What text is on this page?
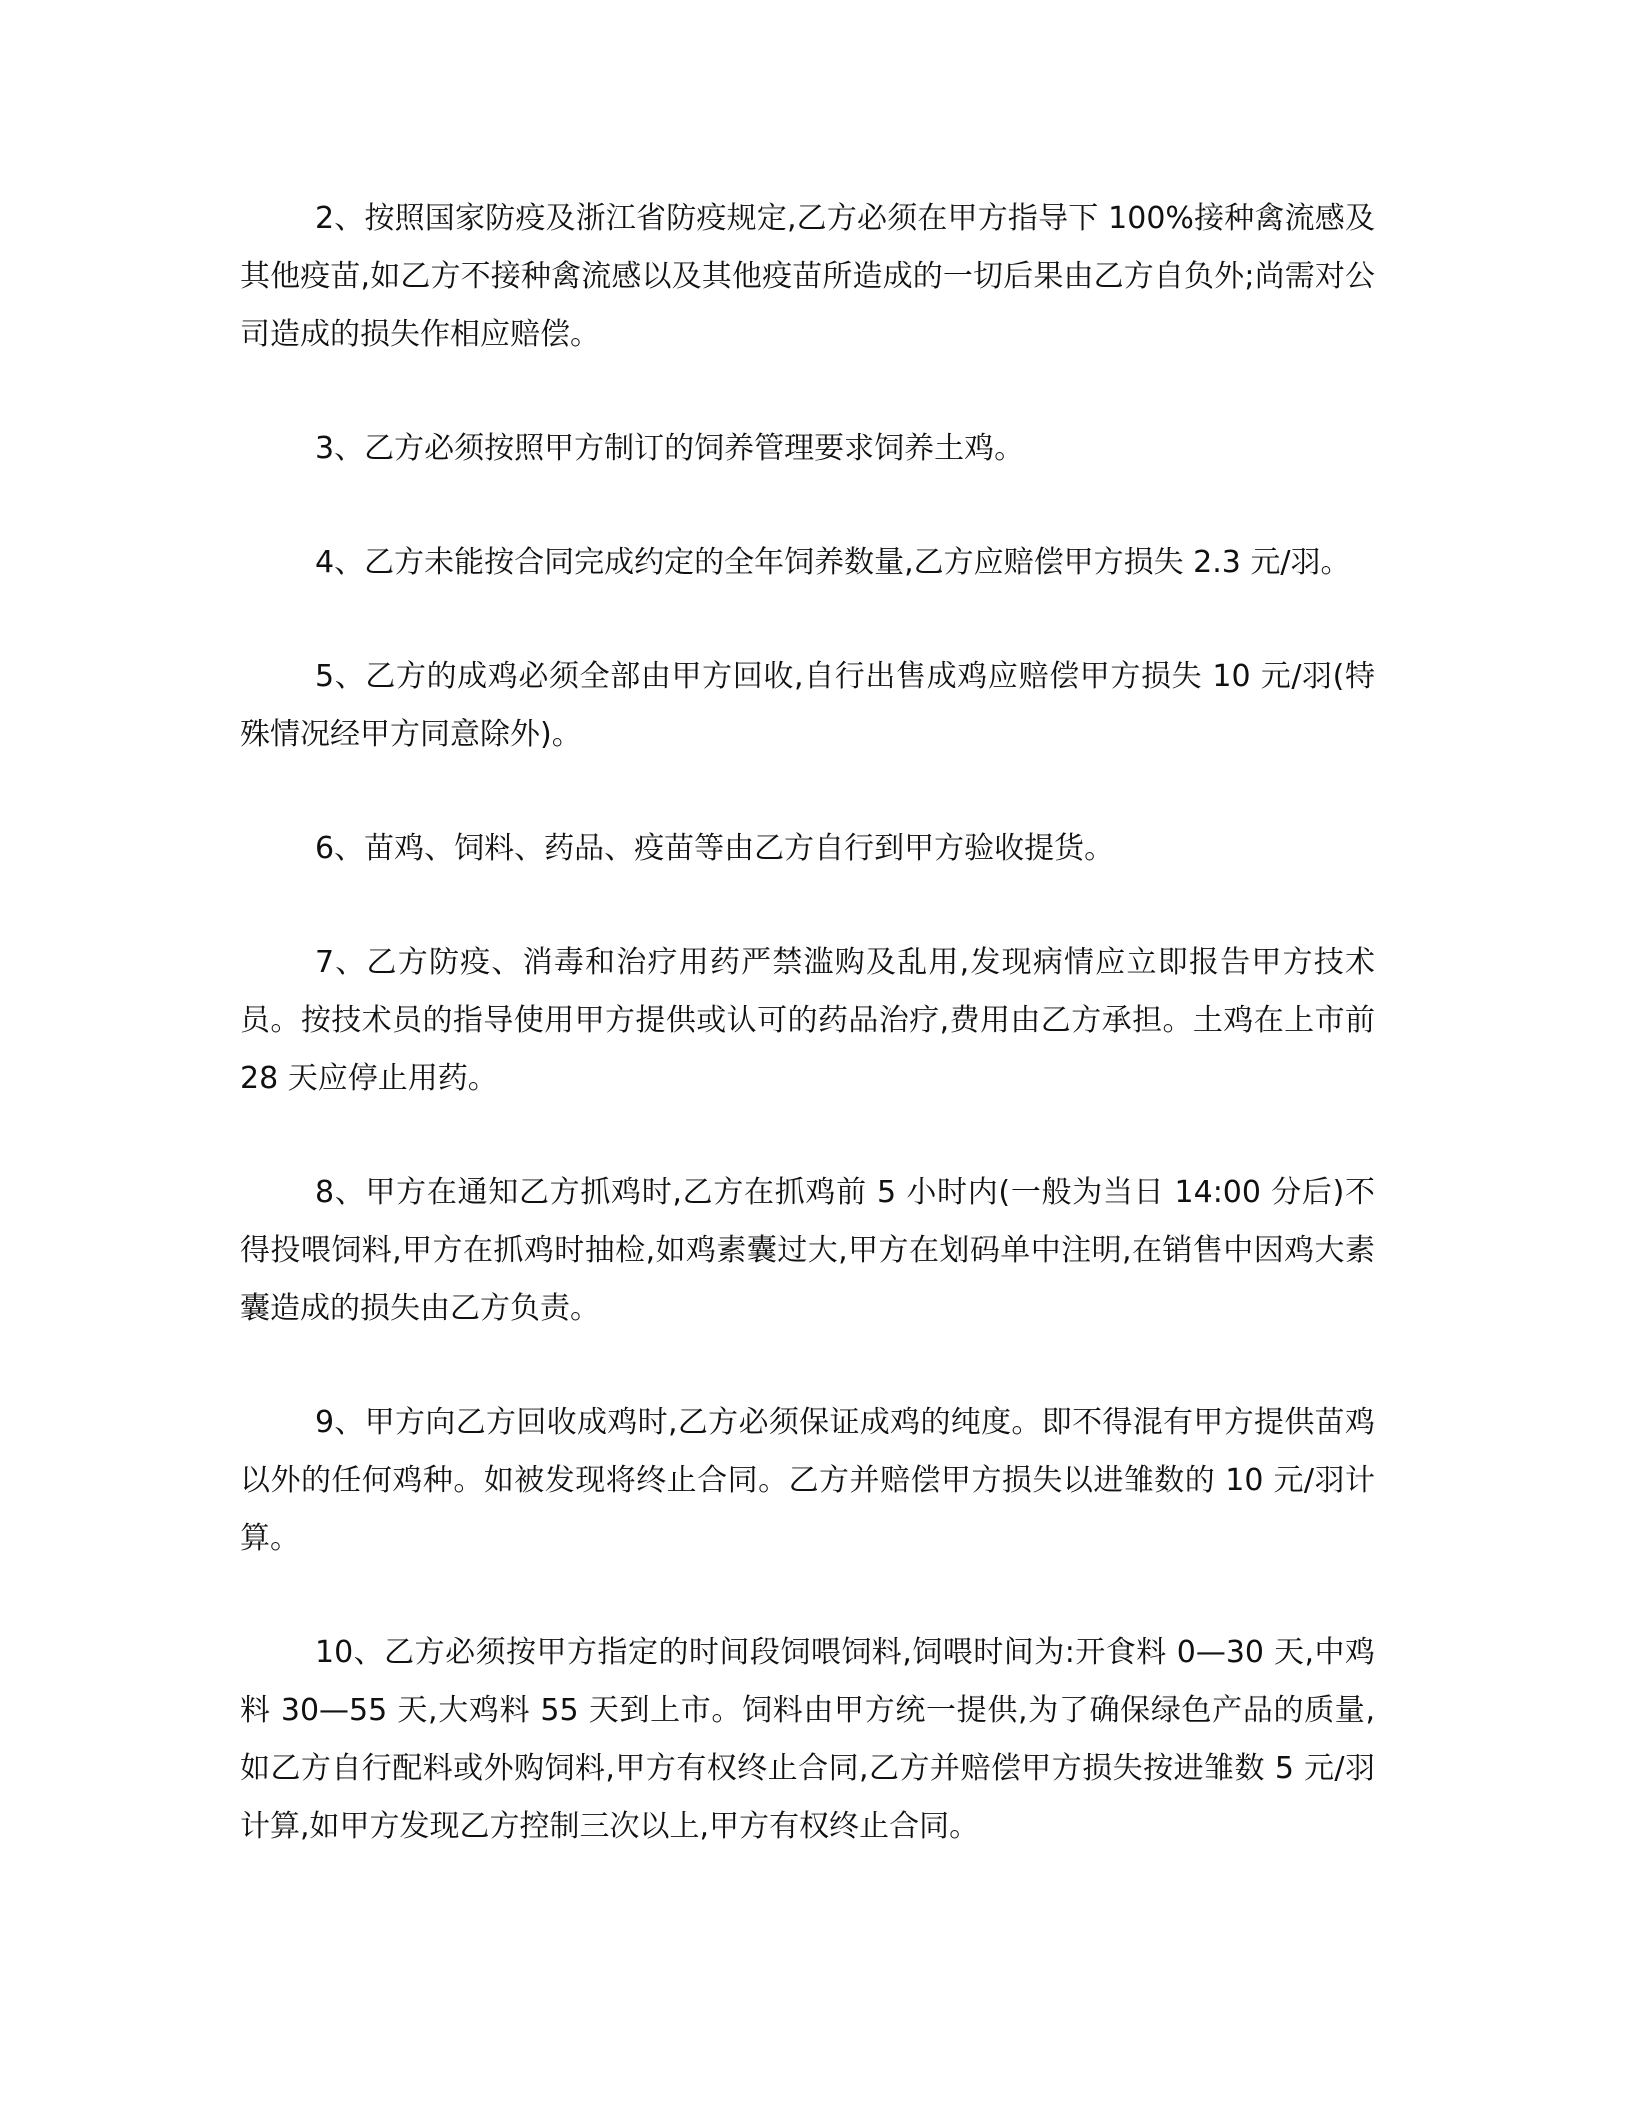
2、按照国家防疫及浙江省防疫规定,乙方必须在甲方指导下 100%接种禽流感及其他疫苗,如乙方不接种禽流感以及其他疫苗所造成的一切后果由乙方自负外;尚需对公司造成的损失作相应赔偿。

3、乙方必须按照甲方制订的饲养管理要求饲养土鸡。

4、乙方未能按合同完成约定的全年饲养数量,乙方应赔偿甲方损失 2.3 元/羽。

5、乙方的成鸡必须全部由甲方回收,自行出售成鸡应赔偿甲方损失 10 元/羽(特殊情况经甲方同意除外)。

6、苗鸡、饲料、药品、疫苗等由乙方自行到甲方验收提货。

7、乙方防疫、消毒和治疗用药严禁滥购及乱用,发现病情应立即报告甲方技术员。按技术员的指导使用甲方提供或认可的药品治疗,费用由乙方承担。土鸡在上市前 28 天应停止用药。

8、甲方在通知乙方抓鸡时,乙方在抓鸡前 5 小时内(一般为当日 14:00 分后)不得投喂饲料,甲方在抓鸡时抽检,如鸡素囊过大,甲方在划码单中注明,在销售中因鸡大素囊造成的损失由乙方负责。

9、甲方向乙方回收成鸡时,乙方必须保证成鸡的纯度。即不得混有甲方提供苗鸡以外的任何鸡种。如被发现将终止合同。乙方并赔偿甲方损失以进雏数的 10 元/羽计算。

10、乙方必须按甲方指定的时间段饲喂饲料,饲喂时间为:开食料 0—30 天,中鸡料 30—55 天,大鸡料 55 天到上市。饲料由甲方统一提供,为了确保绿色产品的质量,如乙方自行配料或外购饲料,甲方有权终止合同,乙方并赔偿甲方损失按进雏数 5 元/羽计算,如甲方发现乙方控制三次以上,甲方有权终止合同。
